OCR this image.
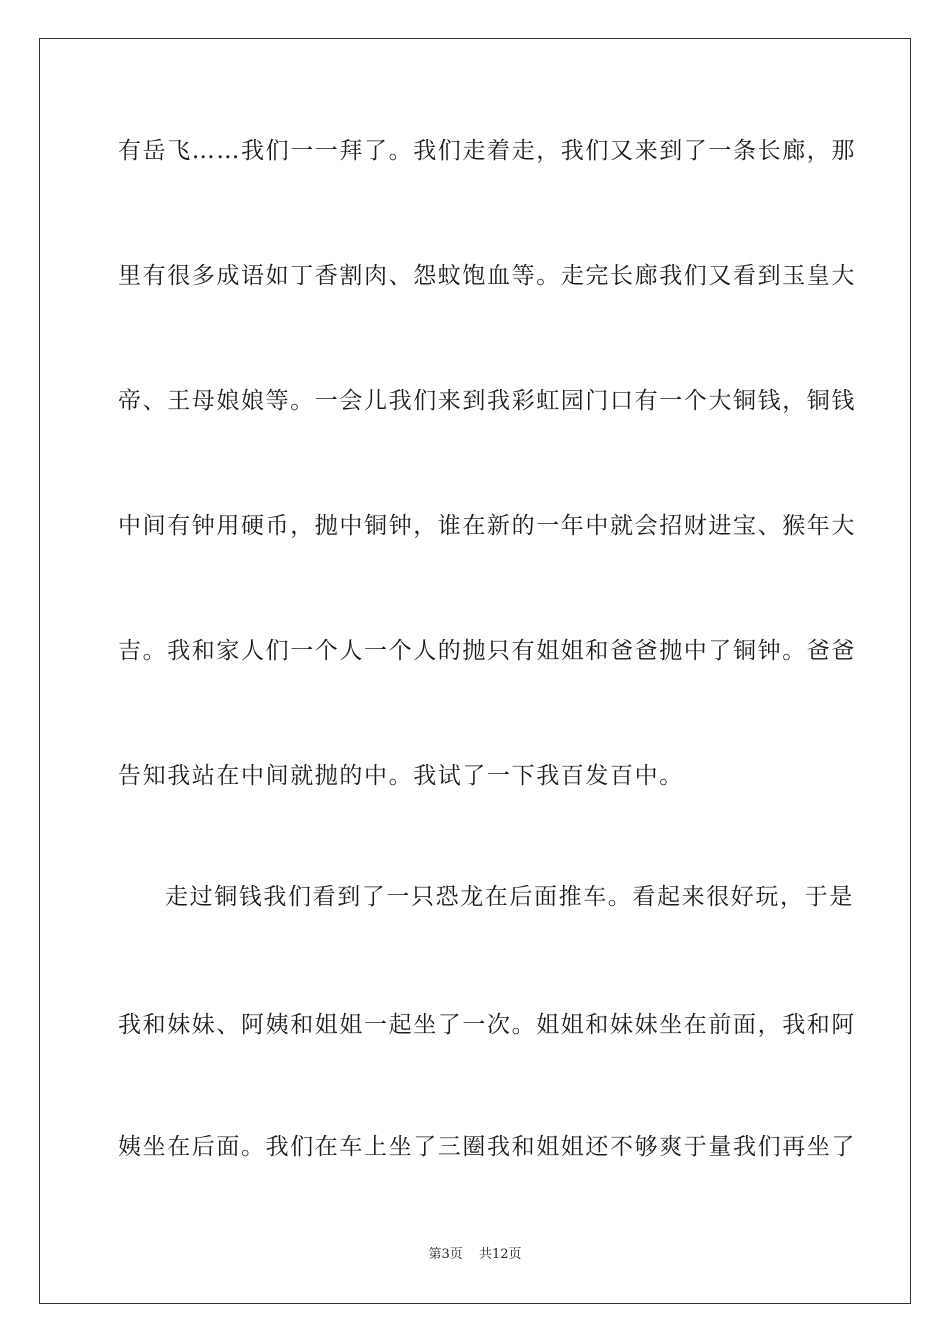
有岳飞……我们一一拜了。我们走着走，我们又来到了一条长廊，那
里有很多成语如丁香割肉、怨蚊饱血等。走完长廊我们又看到玉皇大
帝、王母娘娘等。一会儿我们来到我彩虹园门口有一个大铜钱，铜钱
中间有钟用硬币，抛中铜钟，谁在新的一年中就会招财进宝、猴年大
吉。我和家人们一个人一个人的抛只有姐姐和爸爸抛中了铜钟。爸爸
告知我站在中间就抛的中。我试了一下我百发百中。
走过铜钱我们看到了一只恐龙在后面推车。看起来很好玩，于是
我和妹妹、阿姨和姐姐一起坐了一次。姐姐和妹妹坐在前面，我和阿
姨坐在后面。我们在车上坐了三圈我和姐姐还不够爽于量我们再坐了
第3页 共12页
